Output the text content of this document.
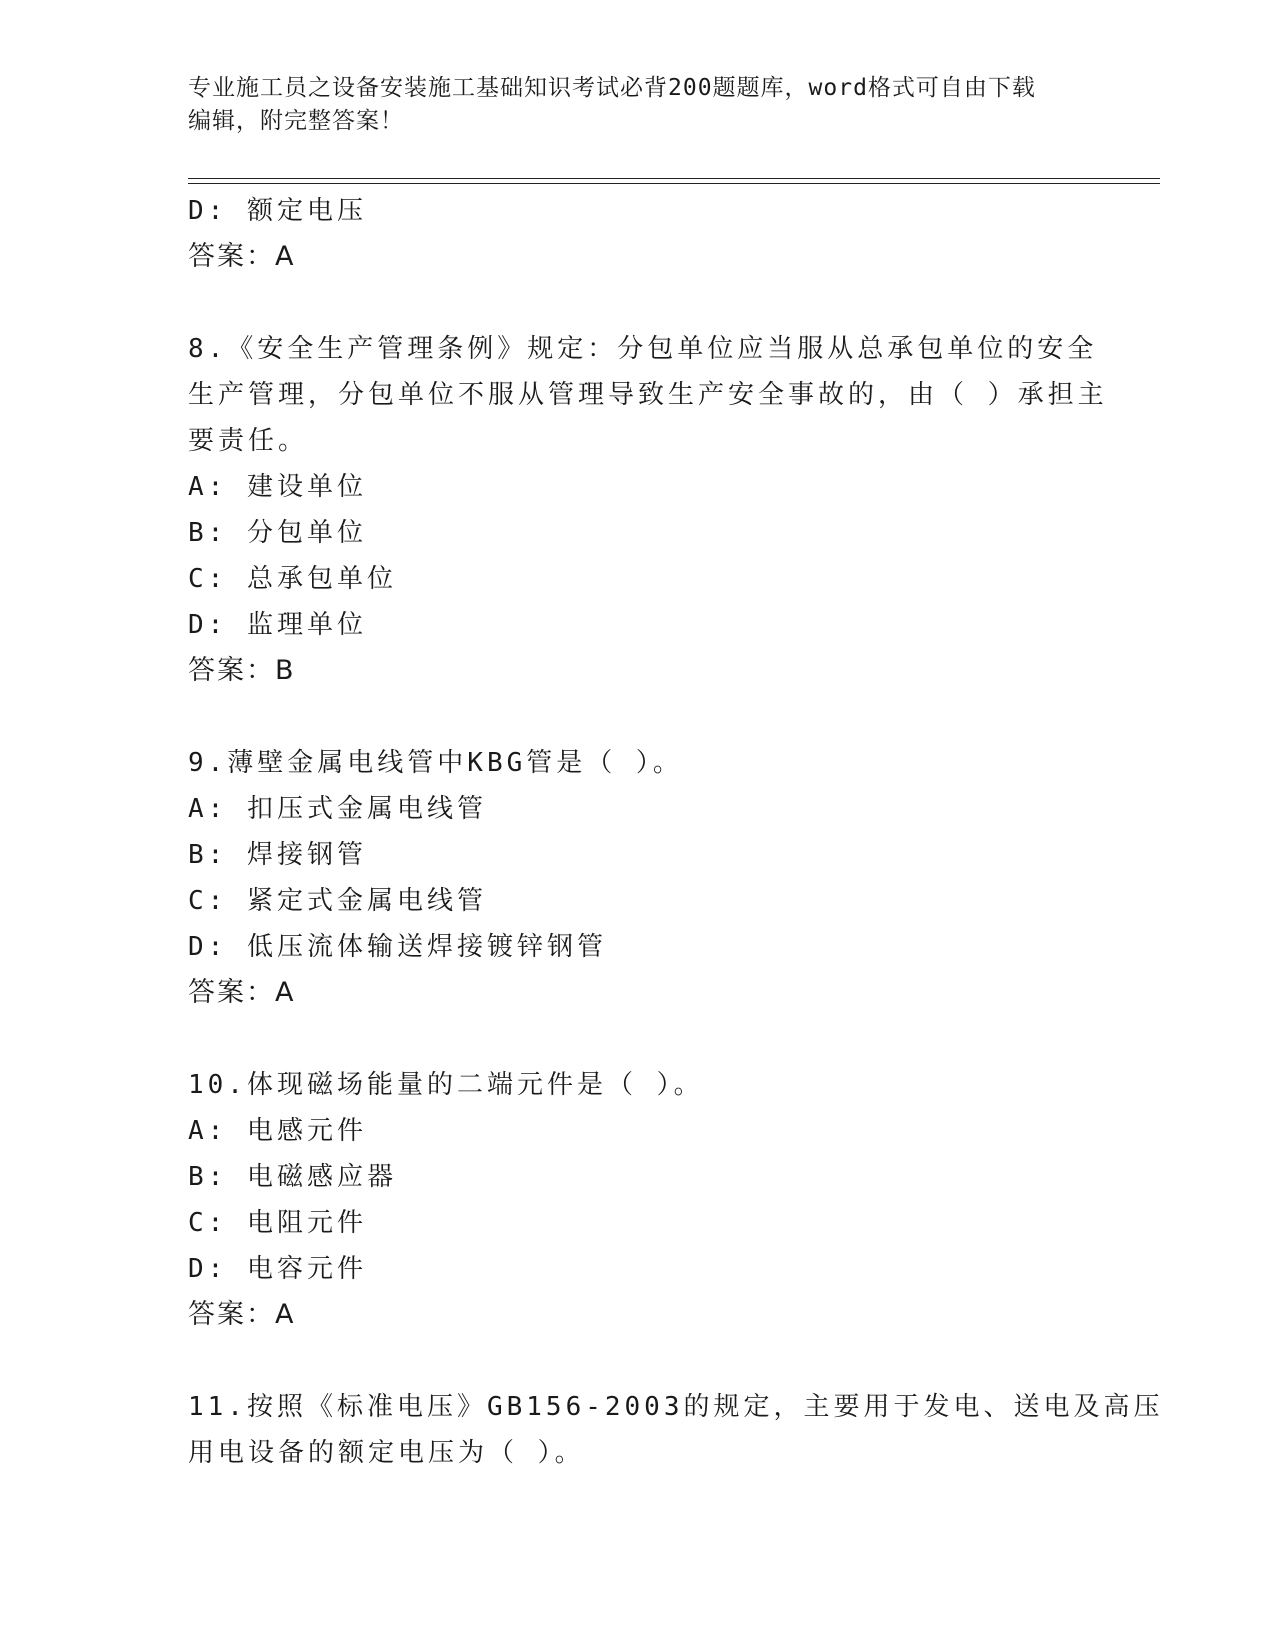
专业施工员之设备安装施工基础知识考试必背200题题库，word格式可自由下载
编辑，附完整答案！
D: 额定电压
答案：A
8.《安全生产管理条例》规定：分包单位应当服从总承包单位的安全
生产管理，分包单位不服从管理导致生产安全事故的，由（ ）承担主
要责任。
A: 建设单位
B: 分包单位
C: 总承包单位
D: 监理单位
答案：B
9.薄壁金属电线管中KBG管是（ ）。
A: 扣压式金属电线管
B: 焊接钢管
C: 紧定式金属电线管
D: 低压流体输送焊接镀锌钢管
答案：A
10.体现磁场能量的二端元件是（ ）。
A: 电感元件
B: 电磁感应器
C: 电阻元件
D: 电容元件
答案：A
11.按照《标准电压》GB156-2003的规定，主要用于发电、送电及高压
用电设备的额定电压为（ ）。
